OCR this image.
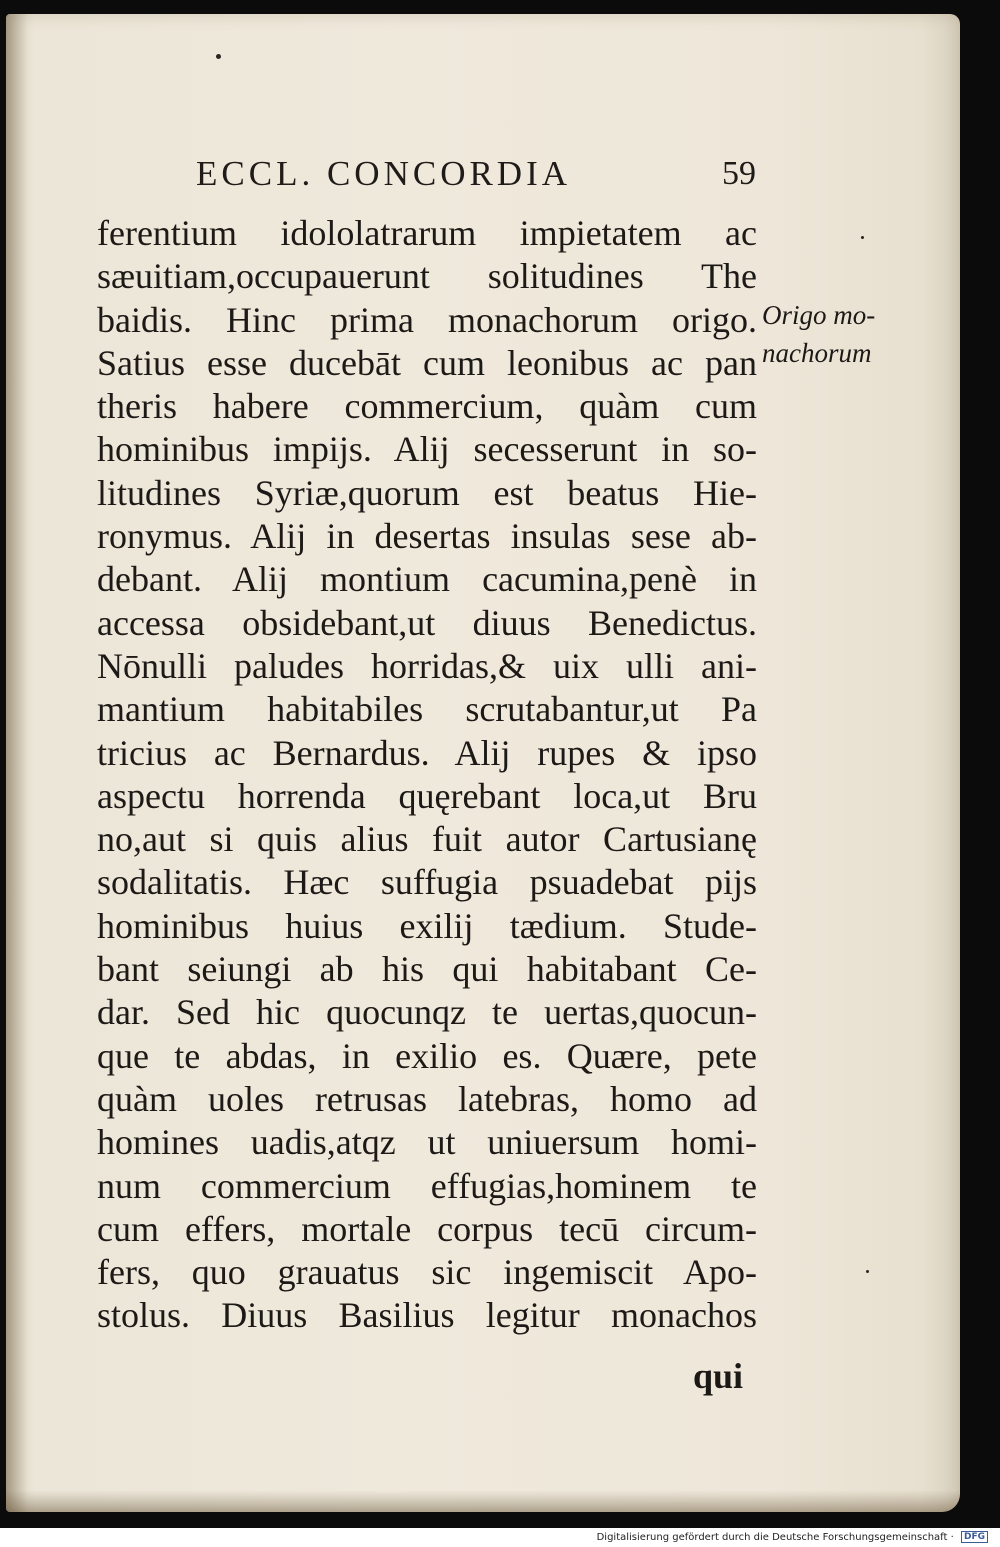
ECCL. CONCORDIA	59
ferentium idololatrarum impietatem ac
sæuitiam,occupauerunt solitudines The
baidis. Hinc prima monachorum origo.
Satius esse ducebāt cum leonibus ac pan
theris habere commercium, quàm cum
hominibus impijs. Alij secesserunt in so-
litudines Syriæ,quorum est beatus Hie-
ronymus. Alij in desertas insulas sese ab-
debant. Alij montium cacumina,penè in
accessa obsidebant,ut diuus Benedictus.
Nōnulli paludes horridas,& uix ulli ani-
mantium habitabiles scrutabantur,ut Pa
tricius ac Bernardus. Alij rupes & ipso
aspectu horrenda quęrebant loca,ut Bru
no,aut si quis alius fuit autor Cartusianę
sodalitatis. Hæc suffugia psuadebat pijs
hominibus huius exilij tædium. Stude-
bant seiungi ab his qui habitabant Ce-
dar. Sed hic quocunqz te uertas,quocun-
que te abdas, in exilio es. Quære, pete
quàm uoles retrusas latebras, homo ad
homines uadis,atqz ut uniuersum homi-
num commercium effugias,hominem te
cum effers, mortale corpus tecū circum-
fers, quo grauatus sic ingemiscit Apo-
stolus. Diuus Basilius legitur monachos
Origo mo-
nachorum
qui
Digitalisierung gefördert durch die Deutsche Forschungsgemeinschaft · DFG
